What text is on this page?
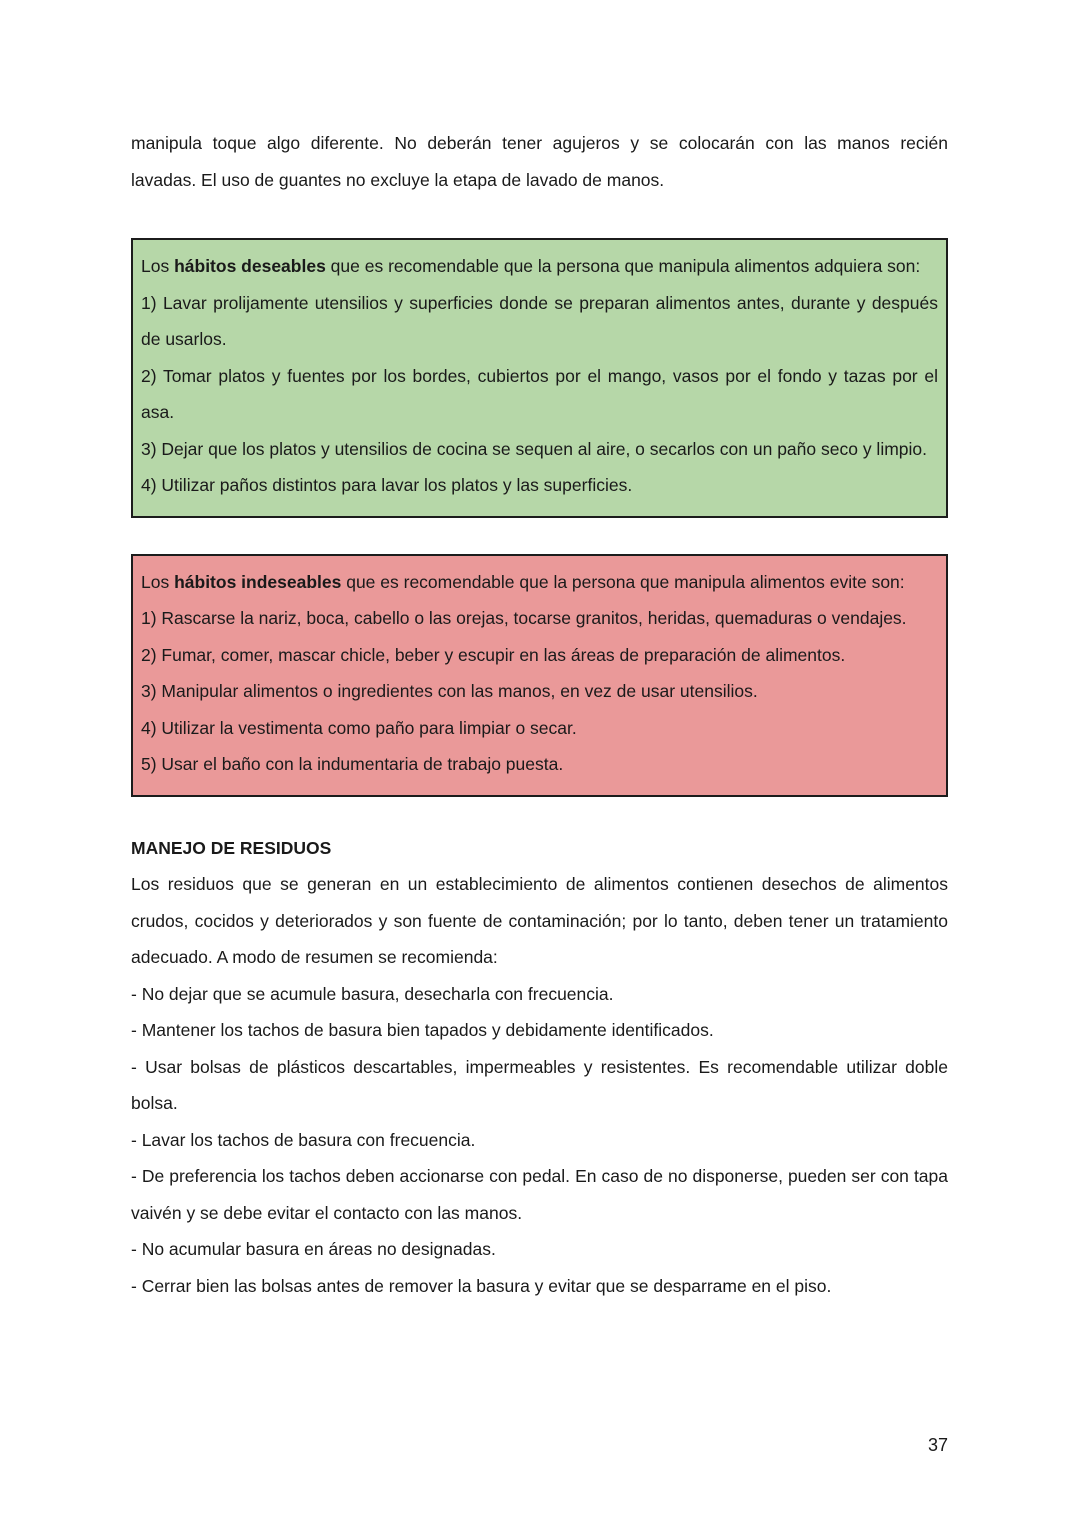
manipula toque algo diferente. No deberán tener agujeros y se colocarán con las manos recién

lavadas. El uso de guantes no excluye la etapa de lavado de manos.

Los hábitos deseables que es recomendable que la persona que manipula alimentos adquiera son:

1) Lavar prolijamente utensilios y superficies donde se preparan alimentos antes, durante y después de usarlos.

2) Tomar platos y fuentes por los bordes, cubiertos por el mango, vasos por el fondo y tazas por el asa.

3) Dejar que los platos y utensilios de cocina se sequen al aire, o secarlos con un paño seco y limpio.

4) Utilizar paños distintos para lavar los platos y las superficies.

Los hábitos indeseables que es recomendable que la persona que manipula alimentos evite son:

1) Rascarse la nariz, boca, cabello o las orejas, tocarse granitos, heridas, quemaduras o vendajes.

2) Fumar, comer, mascar chicle, beber y escupir en las áreas de preparación de alimentos.

3) Manipular alimentos o ingredientes con las manos, en vez de usar utensilios.

4) Utilizar la vestimenta como paño para limpiar o secar.

5) Usar el baño con la indumentaria de trabajo puesta.

MANEJO DE RESIDUOS

Los residuos que se generan en un establecimiento de alimentos contienen desechos de alimentos crudos, cocidos y deteriorados y son fuente de contaminación; por lo tanto, deben tener un tratamiento adecuado. A modo de resumen se recomienda:

- No dejar que se acumule basura, desecharla con frecuencia.

- Mantener los tachos de basura bien tapados y debidamente identificados.

- Usar bolsas de plásticos descartables, impermeables y resistentes. Es recomendable utilizar doble bolsa.

- Lavar los tachos de basura con frecuencia.

- De preferencia los tachos deben accionarse con pedal. En caso de no disponerse, pueden ser con tapa vaivén y se debe evitar el contacto con las manos.

- No acumular basura en áreas no designadas.

- Cerrar bien las bolsas antes de remover la basura y evitar que se desparrame en el piso.

37
